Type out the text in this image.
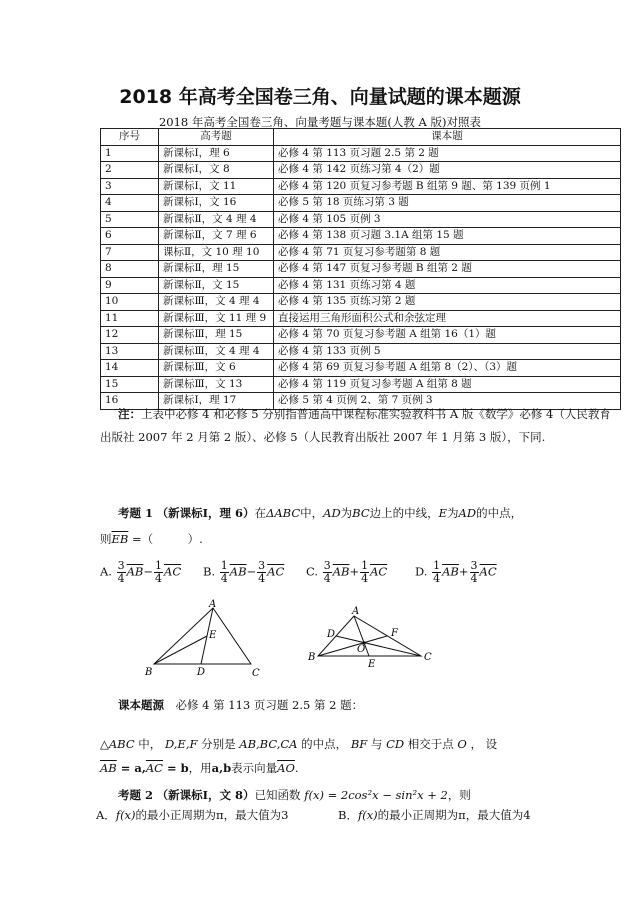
2018 年高考全国卷三角、向量试题的课本题源
2018 年高考全国卷三角、向量考题与课本题(人教 A 版)对照表
序号	高考题	课本题
1	新课标Ⅰ，理 6	必修 4 第 113 页习题 2.5 第 2 题
2	新课标Ⅰ，文 8	必修 4 第 142 页练习第 4（2）题
3	新课标Ⅰ，文 11	必修 4 第 120 页复习参考题 B 组第 9 题、第 139 页例 1
4	新课标Ⅰ，文 16	必修 5 第 18 页练习第 3 题
5	新课标Ⅱ，文 4 理 4	必修 4 第 105 页例 3
6	新课标Ⅱ，文 7 理 6	必修 4 第 138 页习题 3.1A 组第 15 题
7	课标Ⅱ，文 10 理 10	必修 4 第 71 页复习参考题第 8 题
8	新课标Ⅱ，理 15	必修 4 第 147 页复习参考题 B 组第 2 题
9	新课标Ⅱ，文 15	必修 4 第 131 页练习第 4 题
10	新课标Ⅲ，文 4 理 4	必修 4 第 135 页练习第 2 题
11	新课标Ⅲ，文 11 理 9	直接运用三角形面积公式和余弦定理
12	新课标Ⅲ，理 15	必修 4 第 70 页复习参考题 A 组第 16（1）题
13	新课标Ⅲ，文 4 理 4	必修 4 第 133 页例 5
14	新课标Ⅲ，文 6	必修 4 第 69 页复习参考题 A 组第 8（2）、（3）题
15	新课标Ⅲ，文 13	必修 4 第 119 页复习参考题 A 组第 8 题
16	新课标Ⅰ，理 17	必修 5 第 4 页例 2、第 7 页例 3
注：上表中必修 4 和必修 5 分别指普通高中课程标准实验教科书 A 版《数学》必修 4（人民教育出版社 2007 年 2 月第 2 版）、必修 5（人民教育出版社 2007 年 1 月第 3 版），下同.
考题 1 （新课标Ⅰ，理 6）在ΔABC中，AD为BC边上的中线，E为AD的中点，
则$\overline{EB}$ =（　　　）.
A. $\frac{3}{4} \overline{AB}- \frac{1}{4} \overline{AC}$ B. $\frac{1}{4} \overline{AB}- \frac{3}{4} \overline{AC}$ C. $\frac{3}{4} \overline{AB}+ \frac{1}{4} \overline{AC}$ D. $\frac{1}{4} \overline{AB}+ \frac{3}{4} \overline{AC}$
A
B	C
D
E
A
B	C
D
E
F
O
课本题源　 必修 4 第 113 页习题 2.5 第 2 题：
△ABC 中， D,E,F 分别是 AB,BC,CA 的中点， BF 与 CD 相交于点 O ， 设
$\overline{AB} = a,\overline{AC} = b$，用a,b表示向量$\overline{AO}$.
考题 2 （新课标Ⅰ，文 8）已知函数 f(x) = 2cos²x − sin²x + 2，则
A．f(x)的最小正周期为π，最大值为3	B．f(x)的最小正周期为π，最大值为4
